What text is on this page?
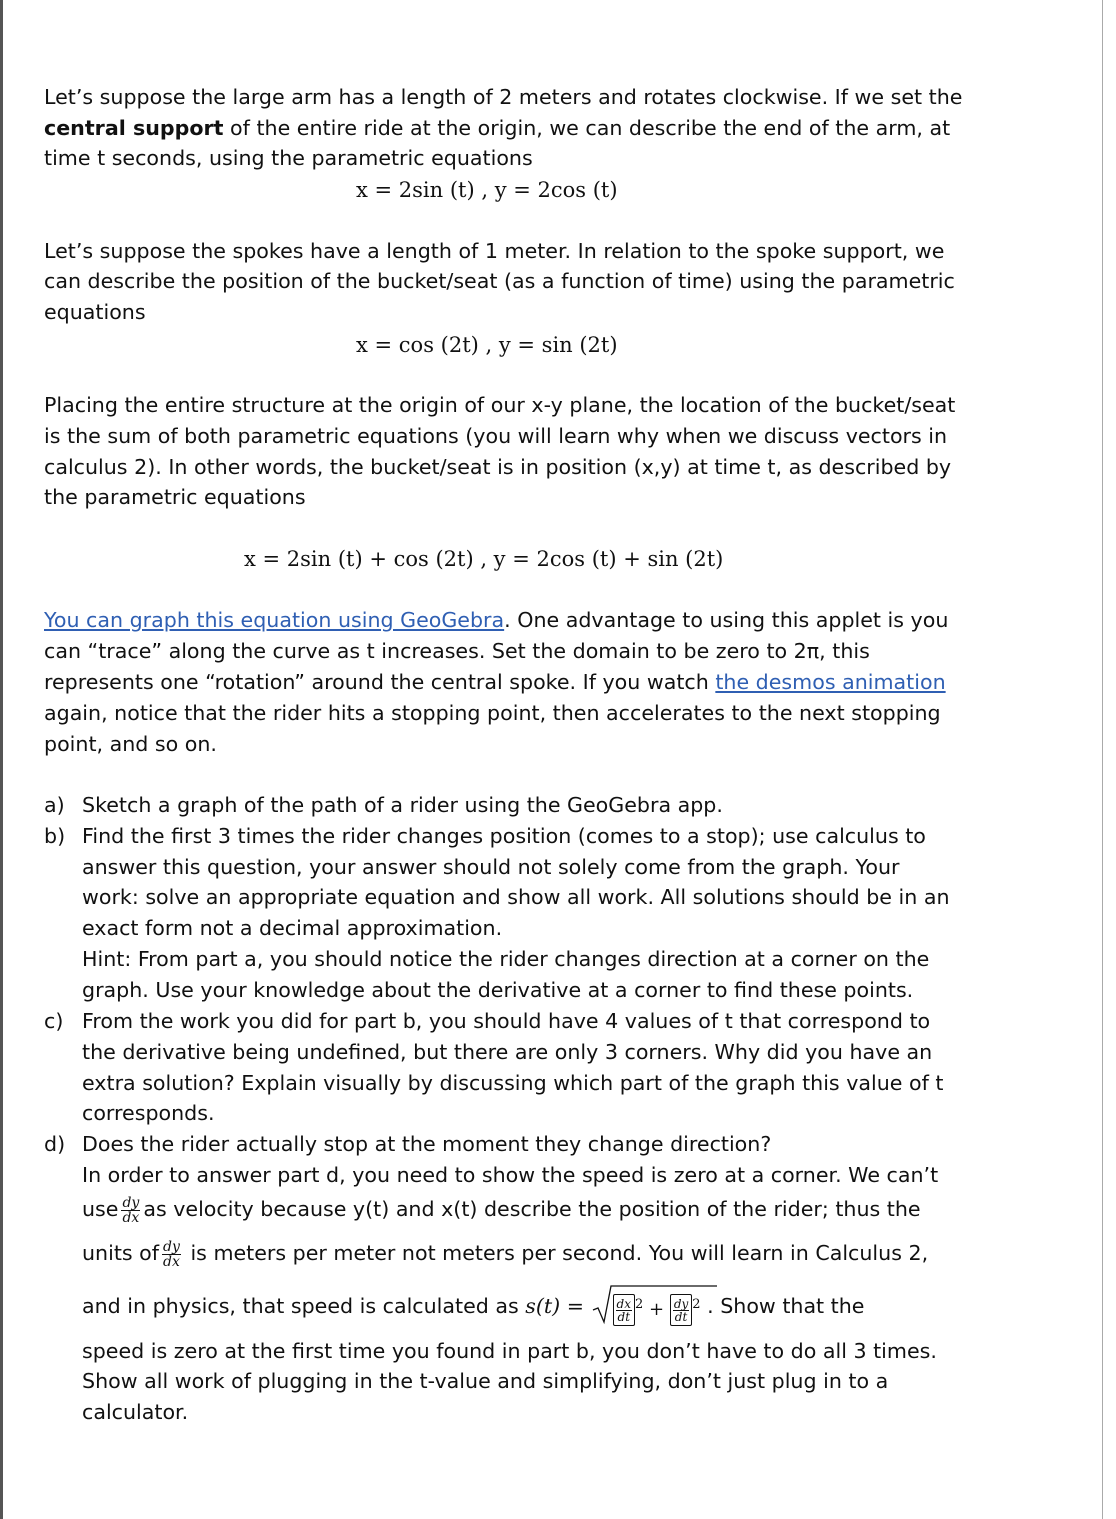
Let’s suppose the large arm has a length of 2 meters and rotates clockwise. If we set the
central support of the entire ride at the origin, we can describe the end of the arm, at
time t seconds, using the parametric equations
x = 2sin (t) , y = 2cos (t)
Let’s suppose the spokes have a length of 1 meter. In relation to the spoke support, we
can describe the position of the bucket/seat (as a function of time) using the parametric
equations
x = cos (2t) , y = sin (2t)
Placing the entire structure at the origin of our x-y plane, the location of the bucket/seat
is the sum of both parametric equations (you will learn why when we discuss vectors in
calculus 2). In other words, the bucket/seat is in position (x,y) at time t, as described by
the parametric equations
x = 2sin (t) + cos (2t) , y = 2cos (t) + sin (2t)
You can graph this equation using GeoGebra. One advantage to using this applet is you
can “trace” along the curve as t increases. Set the domain to be zero to 2π, this
represents one “rotation” around the central spoke. If you watch the desmos animation
again, notice that the rider hits a stopping point, then accelerates to the next stopping
point, and so on.
a) Sketch a graph of the path of a rider using the GeoGebra app.
b) Find the first 3 times the rider changes position (comes to a stop); use calculus to
answer this question, your answer should not solely come from the graph. Your
work: solve an appropriate equation and show all work. All solutions should be in an
exact form not a decimal approximation.
Hint: From part a, you should notice the rider changes direction at a corner on the
graph. Use your knowledge about the derivative at a corner to find these points.
c) From the work you did for part b, you should have 4 values of t that correspond to
the derivative being undefined, but there are only 3 corners. Why did you have an
extra solution? Explain visually by discussing which part of the graph this value of t
corresponds.
d) Does the rider actually stop at the moment they change direction?
In order to answer part d, you need to show the speed is zero at a corner. We can’t
use $\frac{dy}{dx}$ as velocity because y(t) and x(t) describe the position of the rider; thus the
units of $\frac{dy}{dx}$ is meters per meter not meters per second. You will learn in Calculus 2,
and in physics, that speed is calculated as s(t) =	$\frac{dx}{dt} ^2 + \frac{dy}{dt} ^2$ . Show that the
speed is zero at the first time you found in part b, you don’t have to do all 3 times.
Show all work of plugging in the t-value and simplifying, don’t just plug in to a
calculator.
